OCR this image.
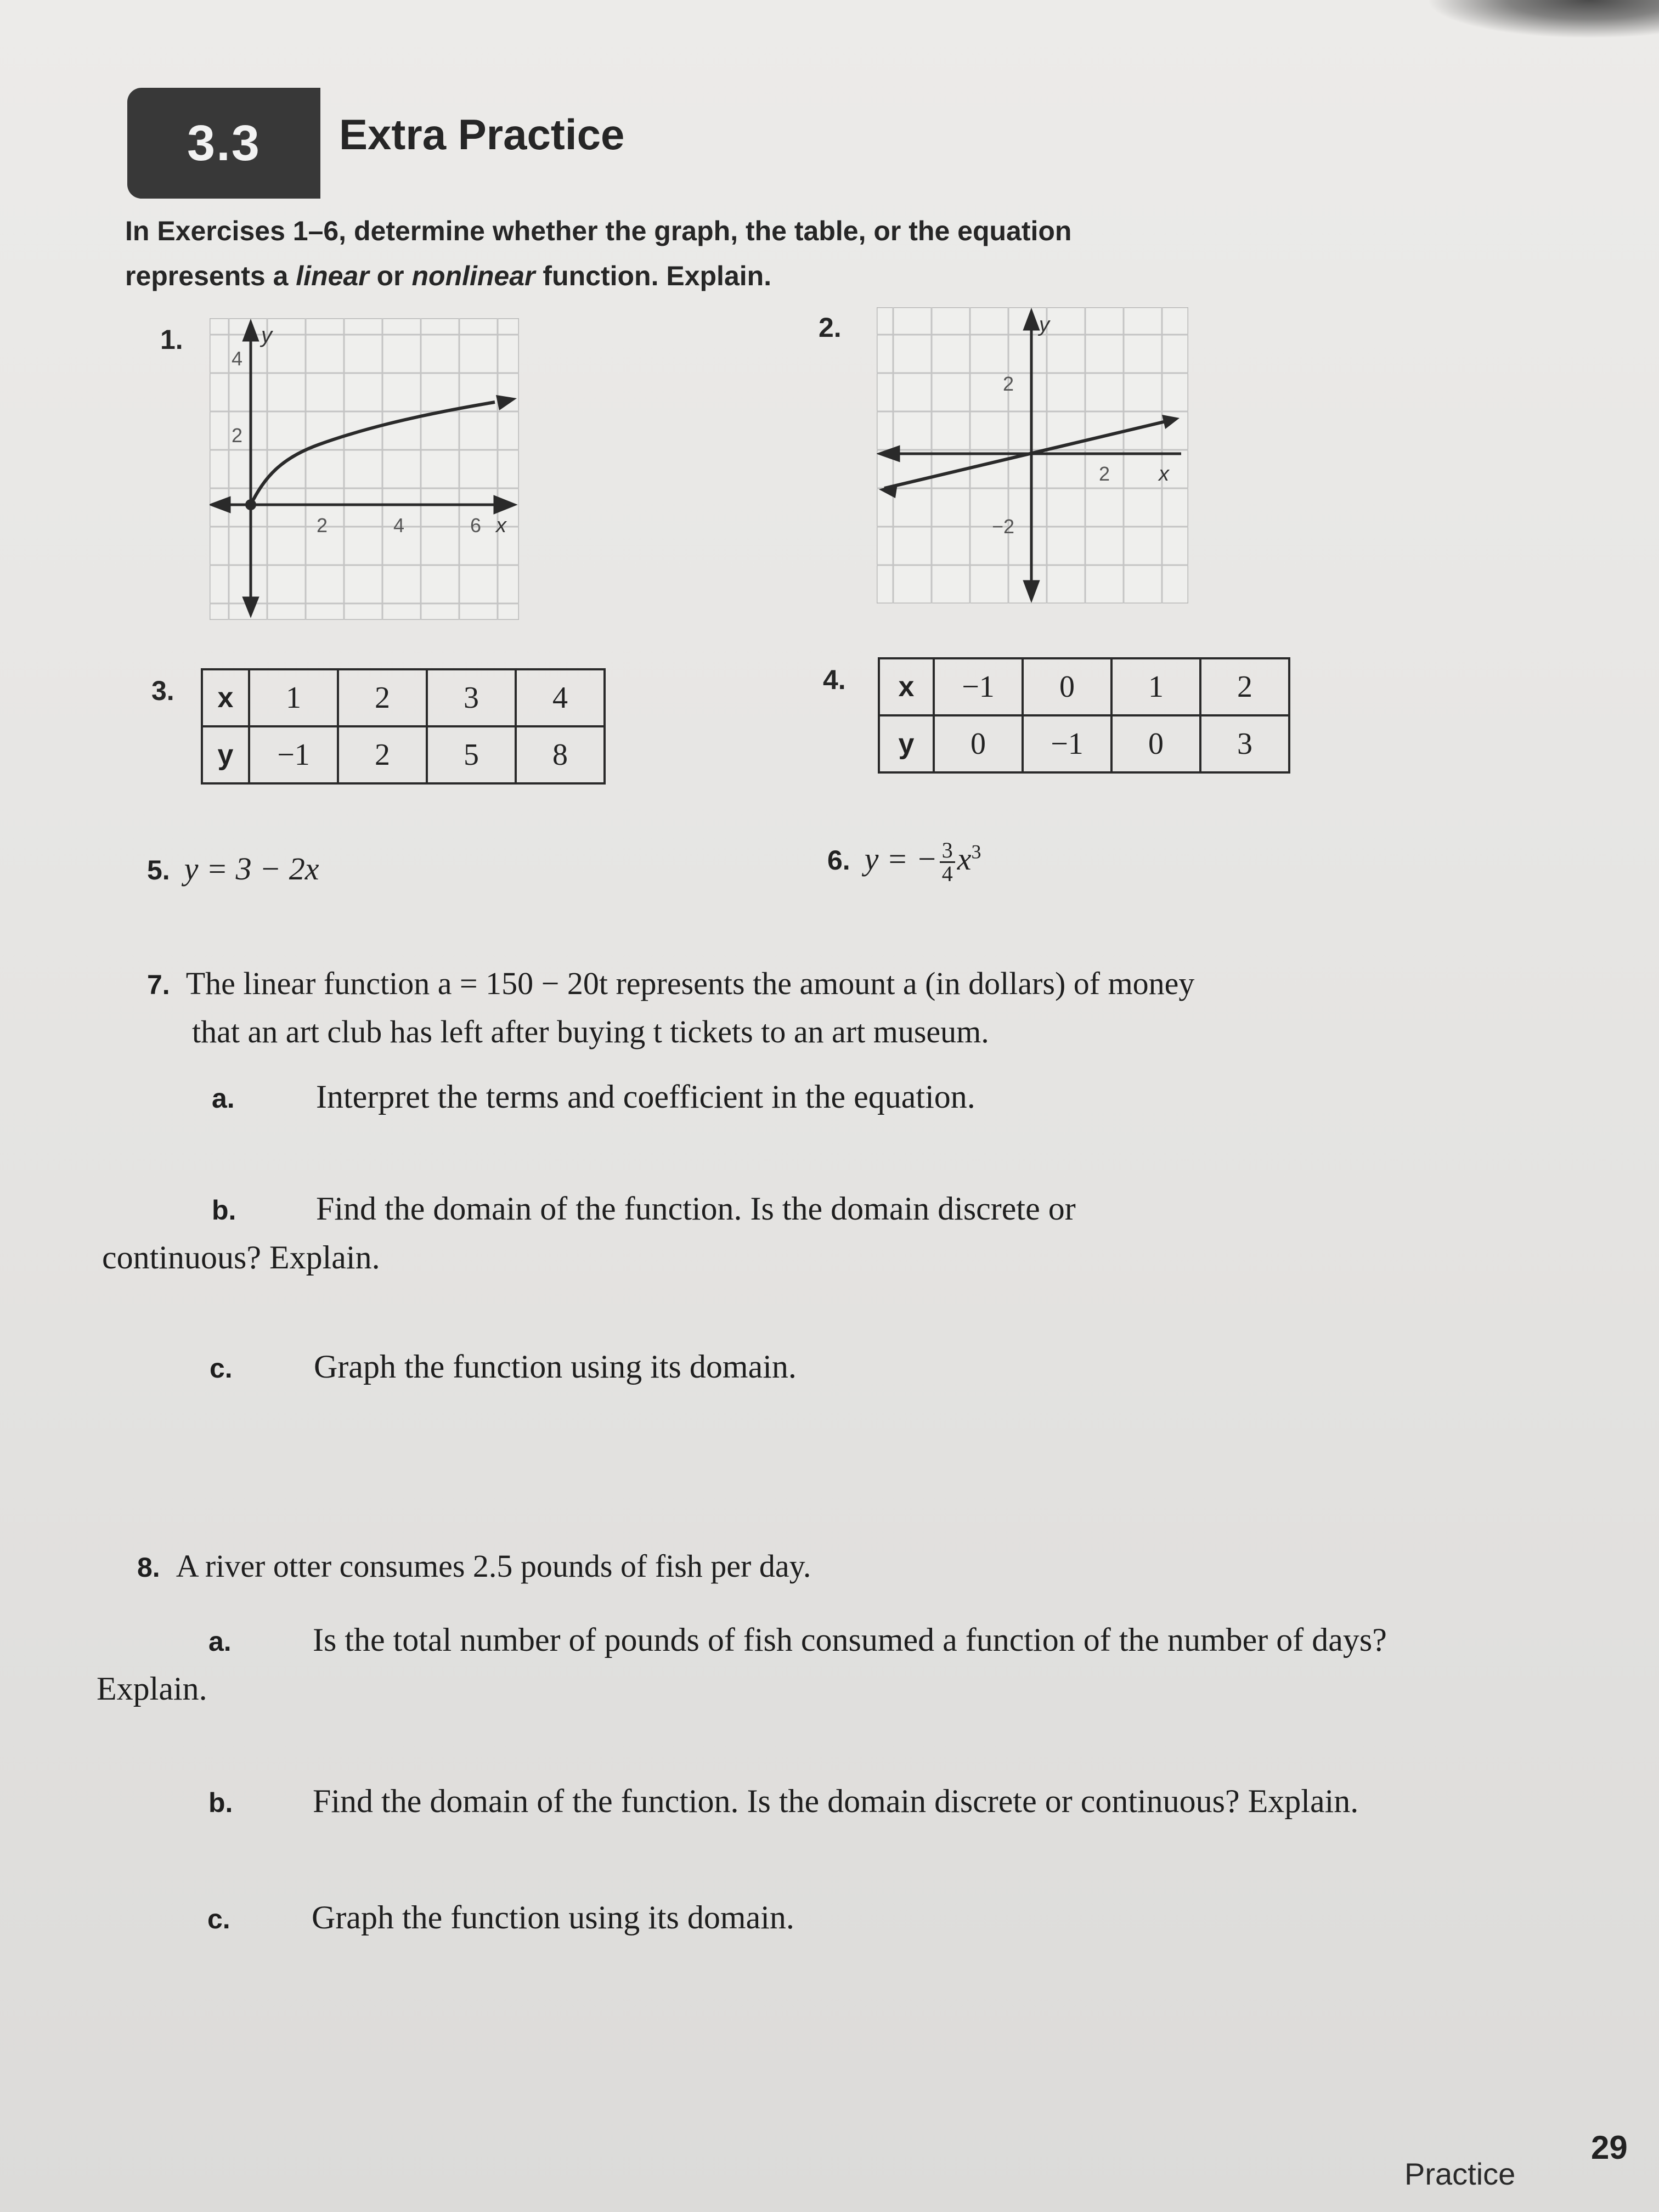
3.3	Extra Practice
In Exercises 1–6, determine whether the graph, the table, or the equation represents a linear or nonlinear function. Explain.
1.	y
4
2
2	4	6 x
2.	y
2
−2
2 x
3. x	1	2	3	4
y	−1	2	5	8
4. x	−1	0	1	2
y	0	−1	0	3
5. y = 3 − 2x	6. y = − $\frac{3}{4} x^3$
7. The linear function a = 150 − 20t represents the amount a (in dollars) of money
that an art club has left after buying t tickets to an art museum.
a. Interpret the terms and coefficient in the equation.
b. Find the domain of the function. Is the domain discrete or
continuous? Explain.
c. Graph the function using its domain.
8. A river otter consumes 2.5 pounds of fish per day.
a. Is the total number of pounds of fish consumed a function of the number of days?
Explain.
b. Find the domain of the function. Is the domain discrete or continuous? Explain.
c. Graph the function using its domain.
29
Practice
